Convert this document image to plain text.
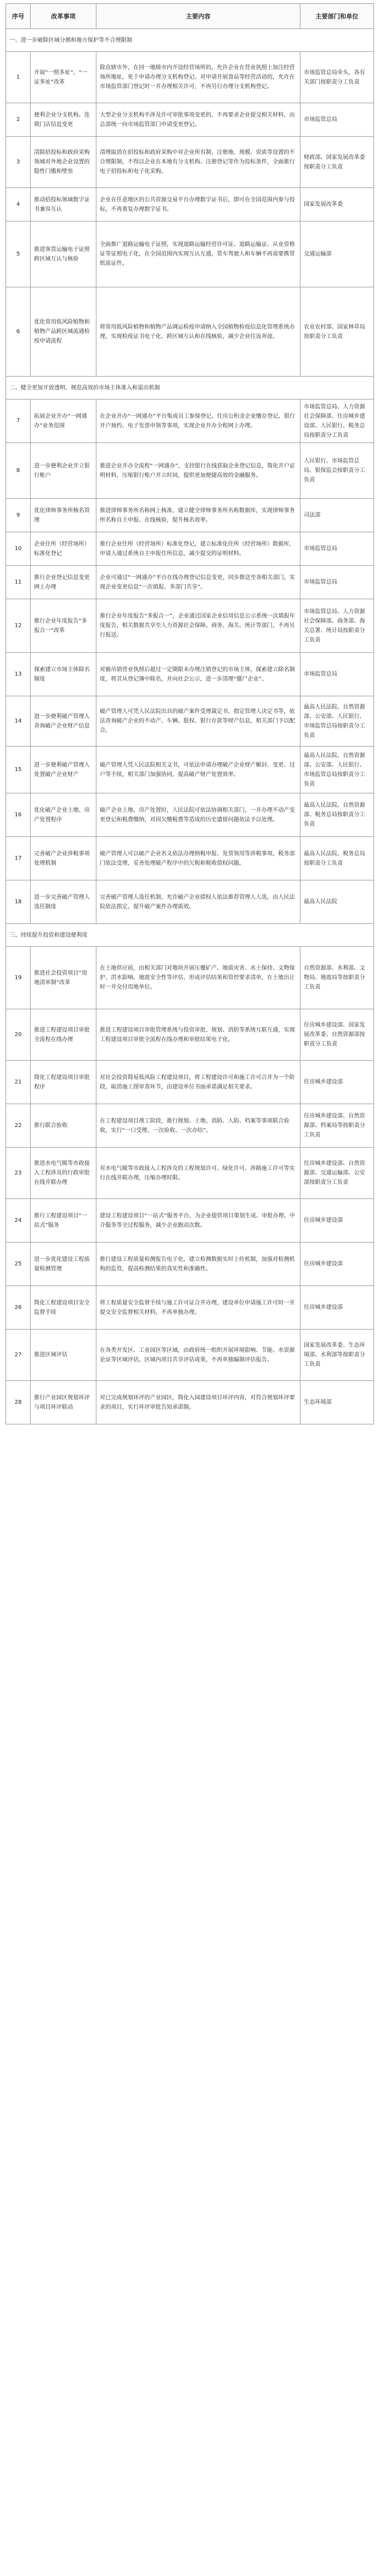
序号	改革事项	主要内容	主要部门和单位
一、进一步破除区域分割和地方保护等不合理限制			
1	开展“一照多址”、“一证多址”改革	除直辖市外，在同一地级市内开设经营场所的，允许企业在营业执照上加注经营场所地址，免于申请办理分支机构登记。对申请开展食品等经营活动的，允许在市场监管部门登记时一并办理相关许可，不再另行办理分支机构登记。	市场监管总局牵头，各有关部门按职责分工负责
2	便利企业分支机构、连锁门店信息变更	大型企业分支机构不涉及许可审批事项变更的，不再要求企业提交相关材料，由总部统一向市场监管部门申请变更登记。	市场监管总局
3	清除招投标和政府采购领域对外地企业设置的隐性门槛和壁垒	清理取消在招投标和政府采购中对企业所有制、注册地、规模、资质等设置的不合理限制，不得以企业在本地有分支机构、注册登记等作为投标条件，全面推行电子招投标和电子化采购。	财政部、国家发展改革委按职责分工负责
4	推动招投标领域数字证书兼容互认	企业在任意地区的公共资源交易平台办理数字证书后，即可在全国范围内参与投标，不再重复办理数字证书。	国家发展改革委
5	推进客货运输电子证照跨区域互认与核验	全面推广道路运输电子证照，实现道路运输经营许可证、道路运输证、从业资格证等证照电子化，在全国范围内实现互认互通，货车驾驶人和车辆不再需要携带纸质证件。	交通运输部
6	优化常用低风险植物和植物产品跨区域流通检疫申请流程	将常用低风险植物和植物产品调运检疫申请纳入全国植物检疫信息化管理系统办理，实现检疫证书电子化、跨区域互认和在线核验，减少企业往返奔波。	农业农村部、国家林草局按职责分工负责
二、健全更加开放透明、规范高效的市场主体准入和退出机制			
7	拓展企业开办“一网通办”业务范围	在企业开办“一网通办”平台集成员工参保登记、住房公积金企业缴存登记、银行开户预约、电子发票申领等事项，实现企业开办全程网上办理。	市场监管总局、人力资源社会保障部、住房城乡建设部、人民银行、税务总局按职责分工负责
8	进一步便利企业开立银行账户	推进企业开办全流程“一网通办”，支持银行在线获取企业登记信息，简化开户证明材料，压缩银行账户开立时间，提供更加便捷高效的金融服务。	人民银行、市场监管总局、银保监会按职责分工负责
9	优化律师事务所核名管理	推进律师事务所名称网上核准，建立健全律师事务所名称数据库，实现律师事务所名称自主申报、在线核验，提升核名效率。	司法部
10	企业住所（经营场所）标准化登记	推行企业住所（经营场所）标准化登记，建立标准化住所（经营场所）数据库，申请人通过系统自主申报住所信息，减少提交的证明材料。	市场监管总局
11	推行企业登记信息变更网上办理	企业可通过“一网通办”平台在线办理登记信息变更，同步推送至各相关部门，实现企业变更信息“一次填报、多部门共享”。	市场监管总局
12	推行企业年度报告“多报合一”改革	推行企业年度报告“多报合一”，企业通过国家企业信用信息公示系统一次填报年度报告，相关数据共享至人力资源社会保障、商务、海关、统计等部门，不再另行报送。	市场监管总局、人力资源社会保障部、商务部、海关总署、统计局按职责分工负责
13	探索建立市场主体除名制度	对被吊销营业执照后超过一定期限未办理注销登记的市场主体，探索建立除名制度，将其从登记簿中除名，并向社会公示，进一步清理“僵尸企业”。	市场监管总局
14	进一步便利破产管理人查询破产企业财产信息	破产管理人可凭人民法院出具的破产案件受理裁定书、指定管理人决定书等，依法查询破产企业的不动产、车辆、股权、银行存款等财产信息，相关部门予以配合。	最高人民法院、自然资源部、公安部、人民银行、市场监管总局按职责分工负责
15	进一步便利破产管理人处置破产企业财产	破产管理人凭人民法院相关文书，可依法申请办理破产企业财产解封、变更、过户等手续，相关部门加强协同，提高破产财产处置效率。	最高人民法院、自然资源部、公安部、人民银行、市场监管总局按职责分工负责
16	优化破产企业土地、房产处置程序	破产企业土地、房产处置时，人民法院可依法协调相关部门，一并办理不动产变更登记和税费缴纳，对因欠缴税费等造成的历史遗留问题依法予以处理。	最高人民法院、自然资源部、税务总局按职责分工负责
17	完善破产企业涉税事项处理机制	破产管理人可以破产企业名义依法办理纳税申报、发票领用等涉税事项，税务部门依法受理，妥善处理破产程序中的欠税和税收债权问题。	最高人民法院、税务总局按职责分工负责
18	进一步完善破产管理人选任制度	完善破产管理人选任机制，允许破产企业债权人依法推荐管理人人选，由人民法院依法指定，提升破产案件办理质效。	最高人民法院
三、持续提升投资和建设便利度			
19	推进社会投资项目“用地清单制”改革	在土地供应前，由相关部门对地块开展压覆矿产、地质灾害、水土保持、文物保护、洪水影响、地震安全性等评估，形成评估结果和管控要求清单，在土地出让时一并交付用地单位。	自然资源部、水利部、文物局、地震局等按职责分工负责
20	推进工程建设项目审批全流程在线办理	推进工程建设项目审批管理系统与投资审批、规划、消防等系统互联互通，实现工程建设项目审批全流程在线办理和审批结果电子化。	住房城乡建设部、国家发展改革委、自然资源部按职责分工负责
21	简化工程建设项目审批程序	对社会投资简易低风险工程建设项目，将工程建设许可和施工许可合并为一个阶段，取消施工图审查环节，由建设单位书面承诺满足相关要求。	住房城乡建设部
22	推行联合验收	在工程建设项目竣工阶段，推行规划、土地、消防、人防、档案等事项联合验收，实行“一口受理、一次验收、一次办结”。	住房城乡建设部、自然资源部、档案局等按职责分工负责
23	推进水电气暖等市政接入工程涉及的行政审批在线并联办理	对水电气暖等市政接入工程涉及的工程规划许可、绿化许可、涉路施工许可等实行在线并联办理，压缩办理时限。	住房城乡建设部、自然资源部、交通运输部、公安部按职责分工负责
24	推行工程建设项目“一站式”服务	建设工程建设项目“一站式”服务平台，为企业提供项目策划生成、审批办理、中介服务等全过程服务，减少企业跑动次数。	住房城乡建设部
25	进一步优化建设工程质量检测管理	推行建设工程质量检测报告电子化，建立检测数据实时上传机制，加强对检测机构的监管，提高检测结果的真实性和准确性。	住房城乡建设部
26	简化工程建设项目安全监督手续	将工程质量安全监督手续与施工许可证合并办理，建设单位申请施工许可时一并提交安全监督相关材料，不再单独办理。	住房城乡建设部
27	推进区域评估	在各类开发区、工业园区等区域，由政府统一组织开展环境影响、节能、水资源论证等区域评估，区域内项目共享评估成果，不再单独编制评估报告。	国家发展改革委、生态环境部、水利部等按职责分工负责
28	推行产业园区规划环评与项目环评联动	对已完成规划环评的产业园区，简化入园建设项目环评内容，对符合规划环评要求的项目，实行环评审批告知承诺制。	生态环境部
